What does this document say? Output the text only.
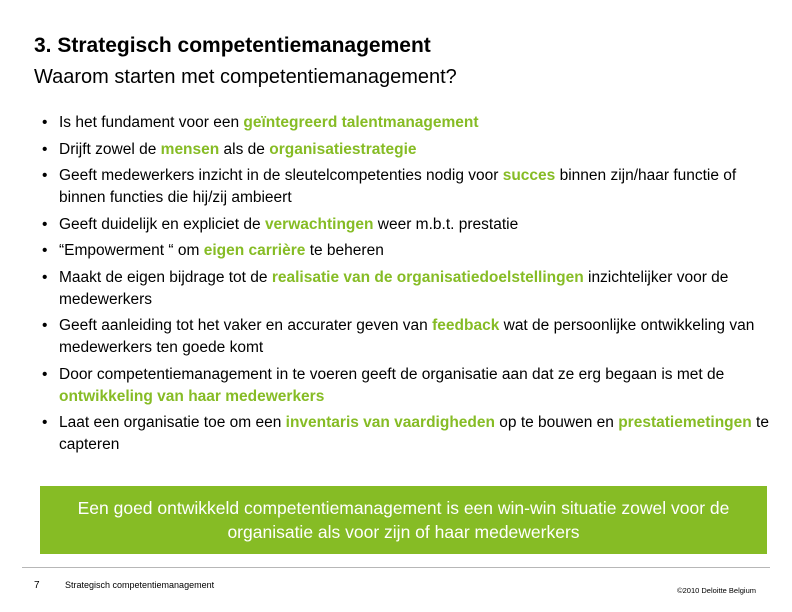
3. Strategisch competentiemanagement
Waarom starten met competentiemanagement?
• Is het fundament voor een geïntegreerd talentmanagement
• Drijft zowel de mensen als de organisatiestrategie
• Geeft medewerkers inzicht in de sleutelcompetenties nodig voor succes binnen zijn/haar functie of binnen functies die hij/zij ambieert
• Geeft duidelijk en expliciet de verwachtingen weer m.b.t. prestatie
• “Empowerment “ om eigen carrière te beheren
• Maakt de eigen bijdrage tot de realisatie van de organisatiedoelstellingen inzichtelijker voor de medewerkers
• Geeft aanleiding tot het vaker en accurater geven van feedback wat de persoonlijke ontwikkeling van medewerkers ten goede komt
• Door competentiemanagement in te voeren geeft de organisatie aan dat ze erg begaan is met de ontwikkeling van haar medewerkers
• Laat een organisatie toe om een inventaris van vaardigheden op te bouwen en prestatiemetingen te capteren
Een goed ontwikkeld competentiemanagement is een win-win situatie zowel voor de organisatie als voor zijn of haar medewerkers
7	Strategisch competentiemanagement
©2010 Deloitte Belgium
